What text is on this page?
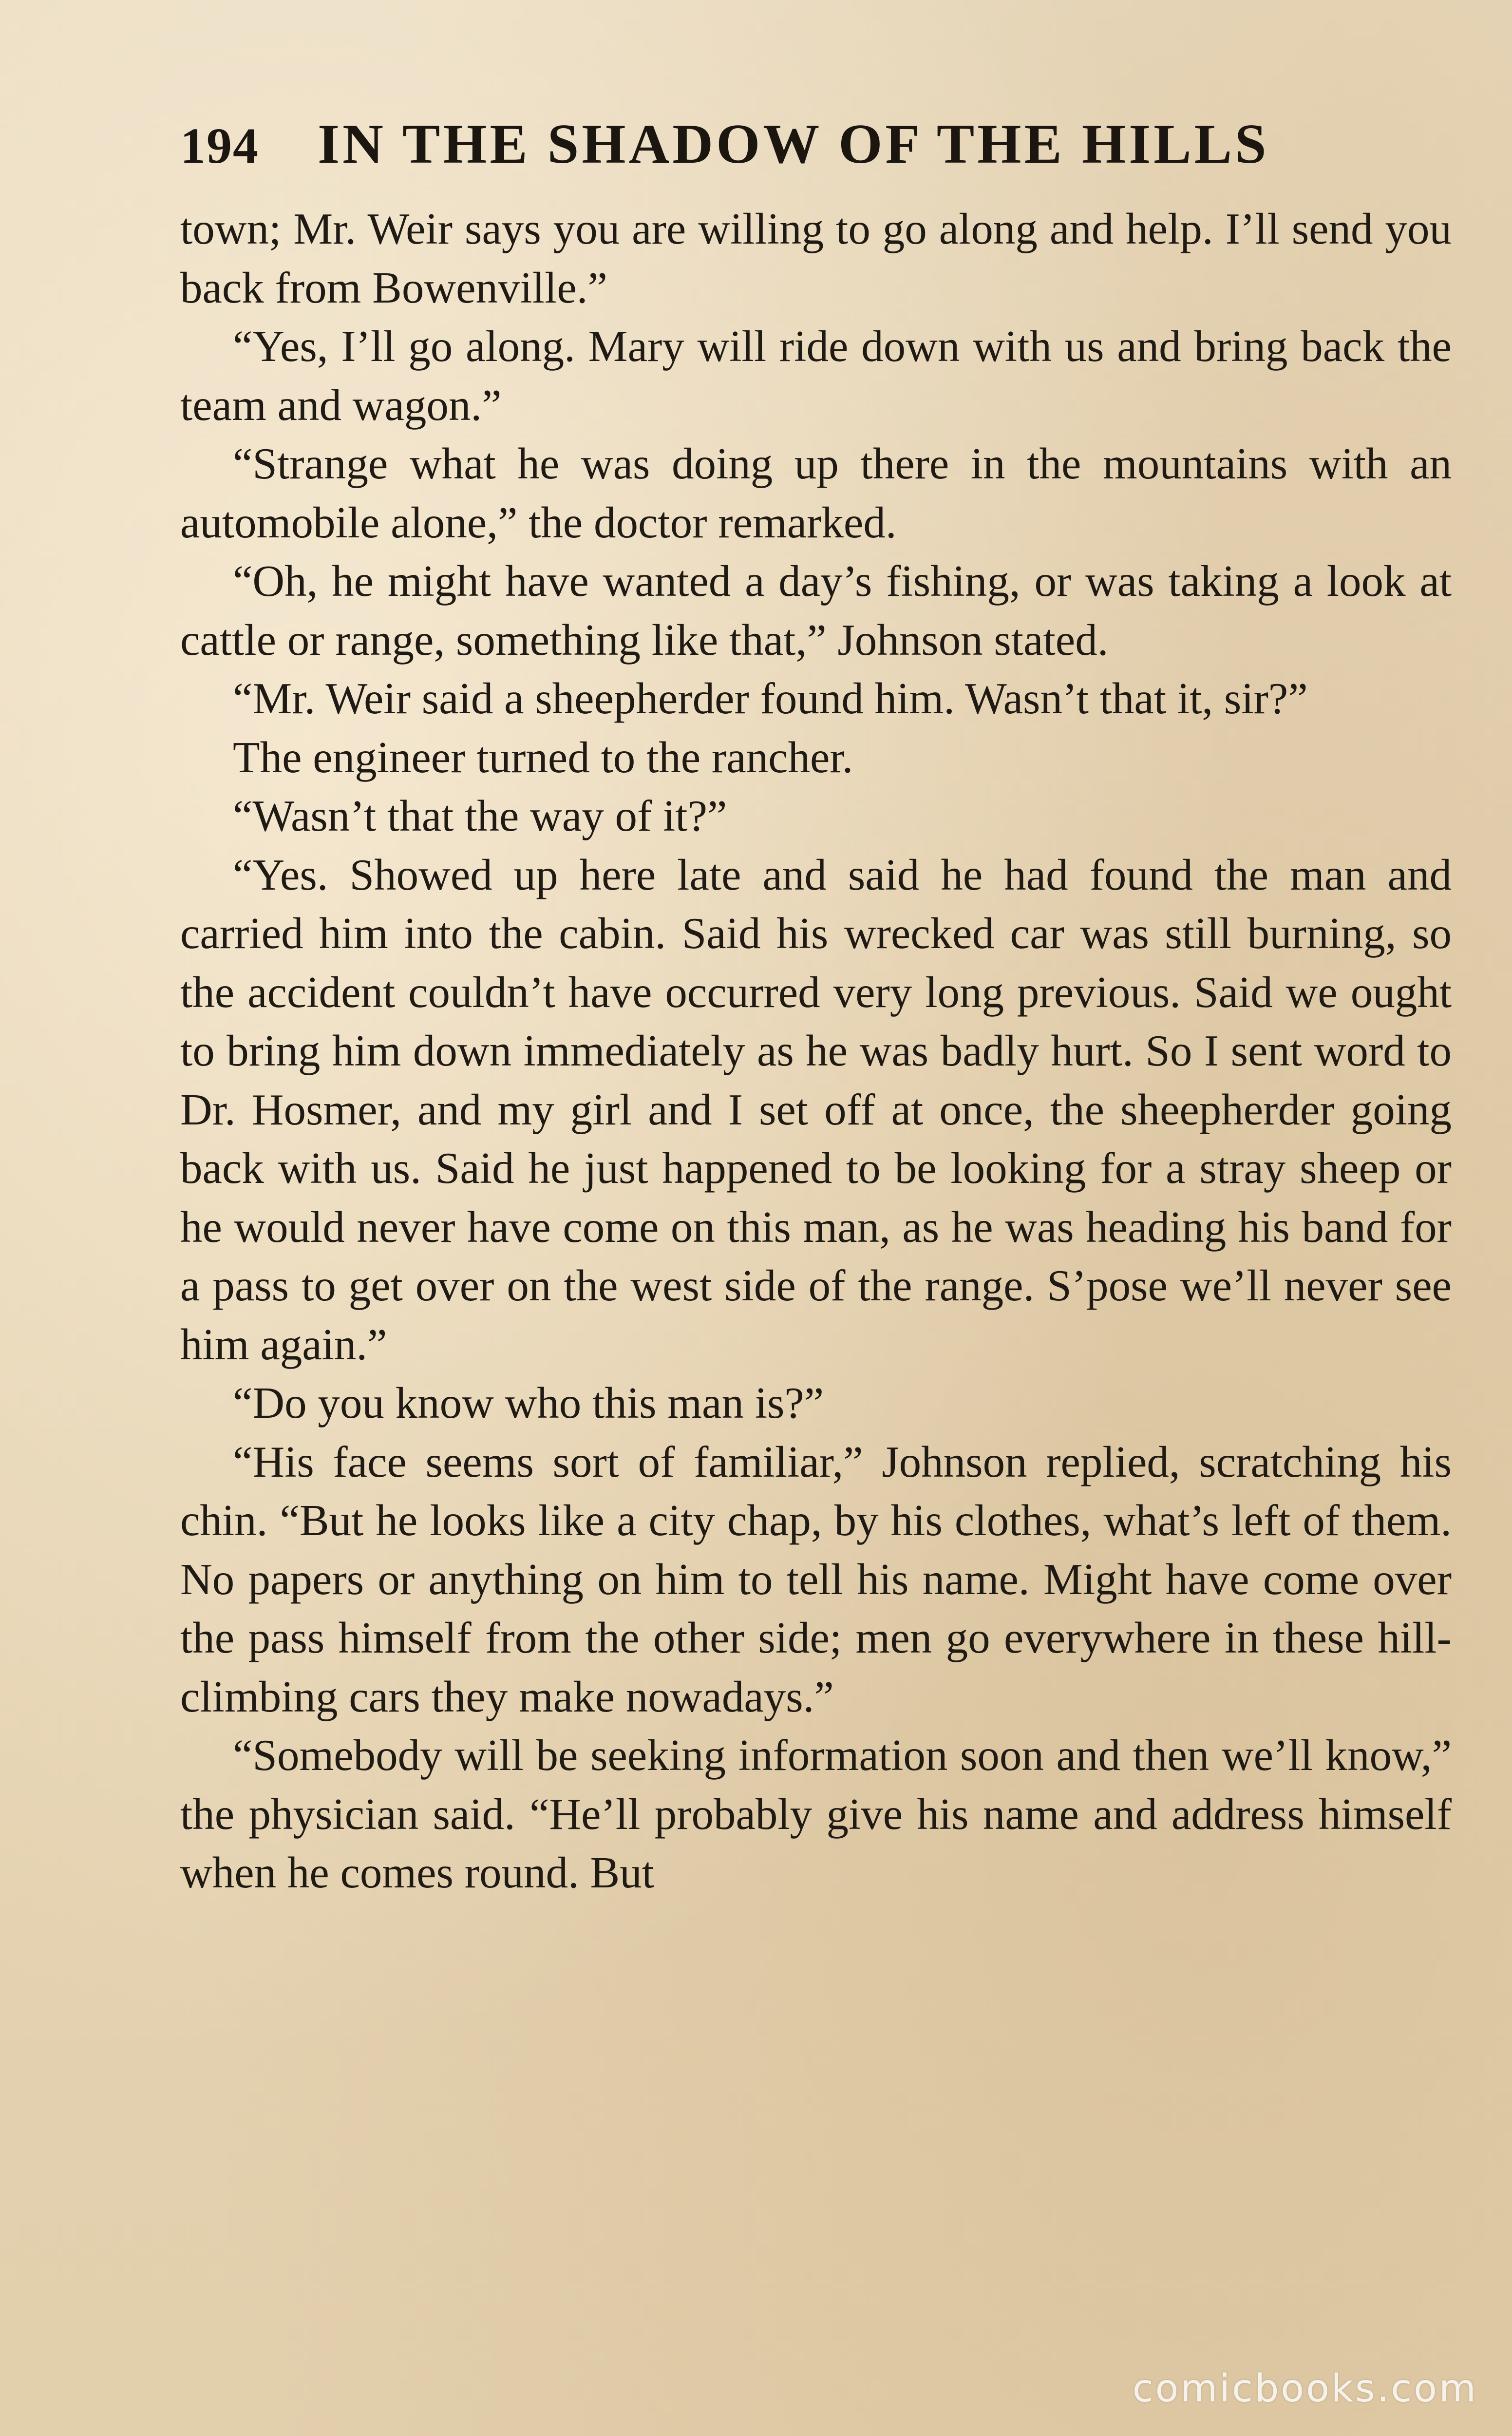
194 IN THE SHADOW OF THE HILLS

town; Mr. Weir says you are willing to go along and help. I’ll send you back from Bowenville.”

“Yes, I’ll go along. Mary will ride down with us and bring back the team and wagon.”

“Strange what he was doing up there in the mountains with an automobile alone,” the doctor remarked.

“Oh, he might have wanted a day’s fishing, or was taking a look at cattle or range, something like that,” Johnson stated.

“Mr. Weir said a sheepherder found him. Wasn’t that it, sir?”

The engineer turned to the rancher.

“Wasn’t that the way of it?”

“Yes. Showed up here late and said he had found the man and carried him into the cabin. Said his wrecked car was still burning, so the accident couldn’t have occurred very long previous. Said we ought to bring him down immediately as he was badly hurt. So I sent word to Dr. Hosmer, and my girl and I set off at once, the sheepherder going back with us. Said he just happened to be looking for a stray sheep or he would never have come on this man, as he was heading his band for a pass to get over on the west side of the range. S’pose we’ll never see him again.”

“Do you know who this man is?”

“His face seems sort of familiar,” Johnson replied, scratching his chin. “But he looks like a city chap, by his clothes, what’s left of them. No papers or anything on him to tell his name. Might have come over the pass himself from the other side; men go everywhere in these hill-climbing cars they make nowadays.”

“Somebody will be seeking information soon and then we’ll know,” the physician said. “He’ll probably give his name and address himself when he comes round. But

comicbooks.com
